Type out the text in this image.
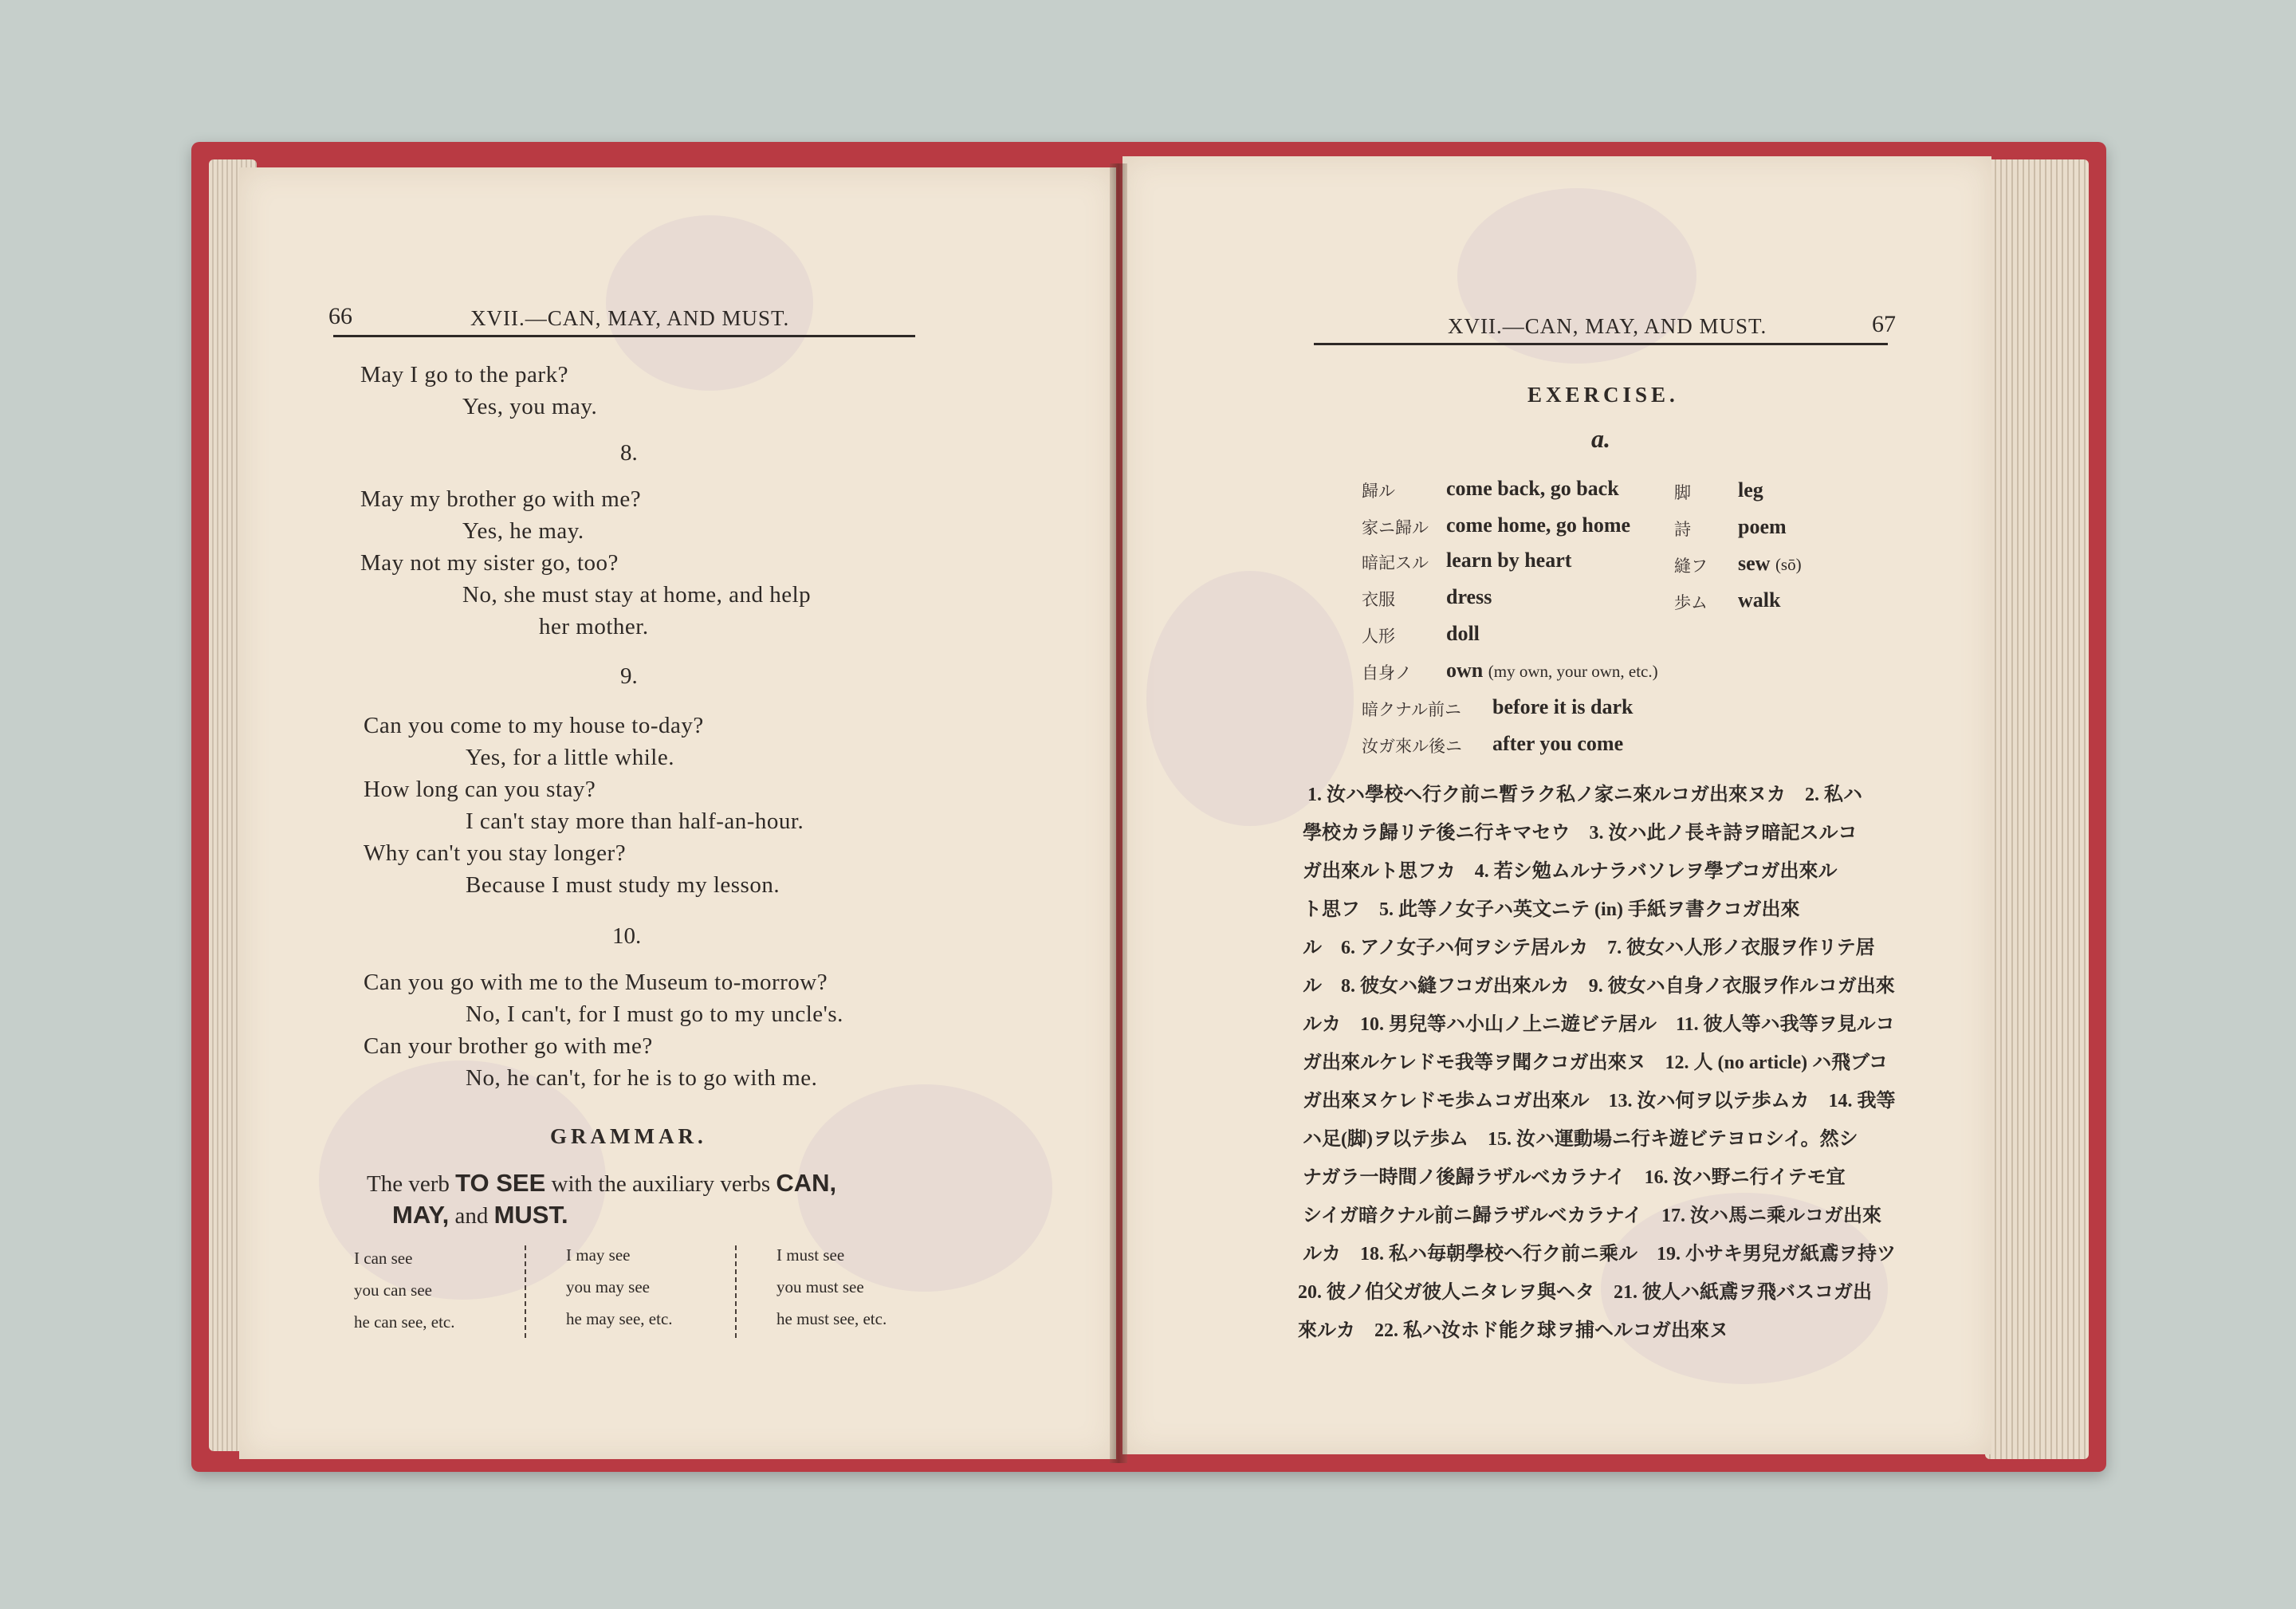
66	XVII.—CAN, MAY, AND MUST.
May I go to the park?
Yes, you may.
8.
May my brother go with me?
Yes, he may.
May not my sister go, too?
No, she must stay at home, and help
her mother.
9.
Can you come to my house to-day?
Yes, for a little while.
How long can you stay?
I can't stay more than half-an-hour.
Why can't you stay longer?
Because I must study my lesson.
10.
Can you go with me to the Museum to-morrow?
No, I can't, for I must go to my uncle's.
Can your brother go with me?
No, he can't, for he is to go with me.
GRAMMAR.
The verb TO SEE with the auxiliary verbs CAN,
MAY, and MUST.
I can see
you can see
he can see, etc.
I may see
you may see
he may see, etc.
I must see
you must see
he must see, etc.
XVII.—CAN, MAY, AND MUST.	67
EXERCISE.
a.
歸ル come back, go back
家ニ歸ル come home, go home
暗記スル learn by heart
衣服 dress
人形 doll
自身ノ own (my own, your own, etc.)
暗クナル前ニ before it is dark
汝ガ來ル後ニ after you come
脚 leg
詩 poem
縫フ sew (sō)
歩ム walk
1. 汝ハ學校ヘ行ク前ニ暫ラク私ノ家ニ來ルコガ出來ヌカ　2. 私ハ
學校カラ歸リテ後ニ行キマセウ　3. 汝ハ此ノ長キ詩ヲ暗記スルコ
ガ出來ルト思フカ　4. 若シ勉ムルナラバソレヲ學ブコガ出來ル
ト思フ　5. 此等ノ女子ハ英文ニテ (in) 手紙ヲ書クコガ出來
ル　6. アノ女子ハ何ヲシテ居ルカ　7. 彼女ハ人形ノ衣服ヲ作リテ居
ル　8. 彼女ハ縫フコガ出來ルカ　9. 彼女ハ自身ノ衣服ヲ作ルコガ出來
ルカ　10. 男兒等ハ小山ノ上ニ遊ビテ居ル　11. 彼人等ハ我等ヲ見ルコ
ガ出來ルケレドモ我等ヲ聞クコガ出來ヌ　12. 人 (no article) ハ飛ブコ
ガ出來ヌケレドモ歩ムコガ出來ル　13. 汝ハ何ヲ以テ歩ムカ　14. 我等
ハ足(脚)ヲ以テ歩ム　15. 汝ハ運動場ニ行キ遊ビテヨロシイ。然シ
ナガラ一時間ノ後歸ラザルベカラナイ　16. 汝ハ野ニ行イテモ宜
シイガ暗クナル前ニ歸ラザルベカラナイ　17. 汝ハ馬ニ乘ルコガ出來
ルカ　18. 私ハ毎朝學校ヘ行ク前ニ乘ル　19. 小サキ男兒ガ紙鳶ヲ持ツ
20. 彼ノ伯父ガ彼人ニタレヲ與ヘタ　21. 彼人ハ紙鳶ヲ飛バスコガ出
來ルカ　22. 私ハ汝ホド能ク球ヲ捕ヘルコガ出來ヌ
